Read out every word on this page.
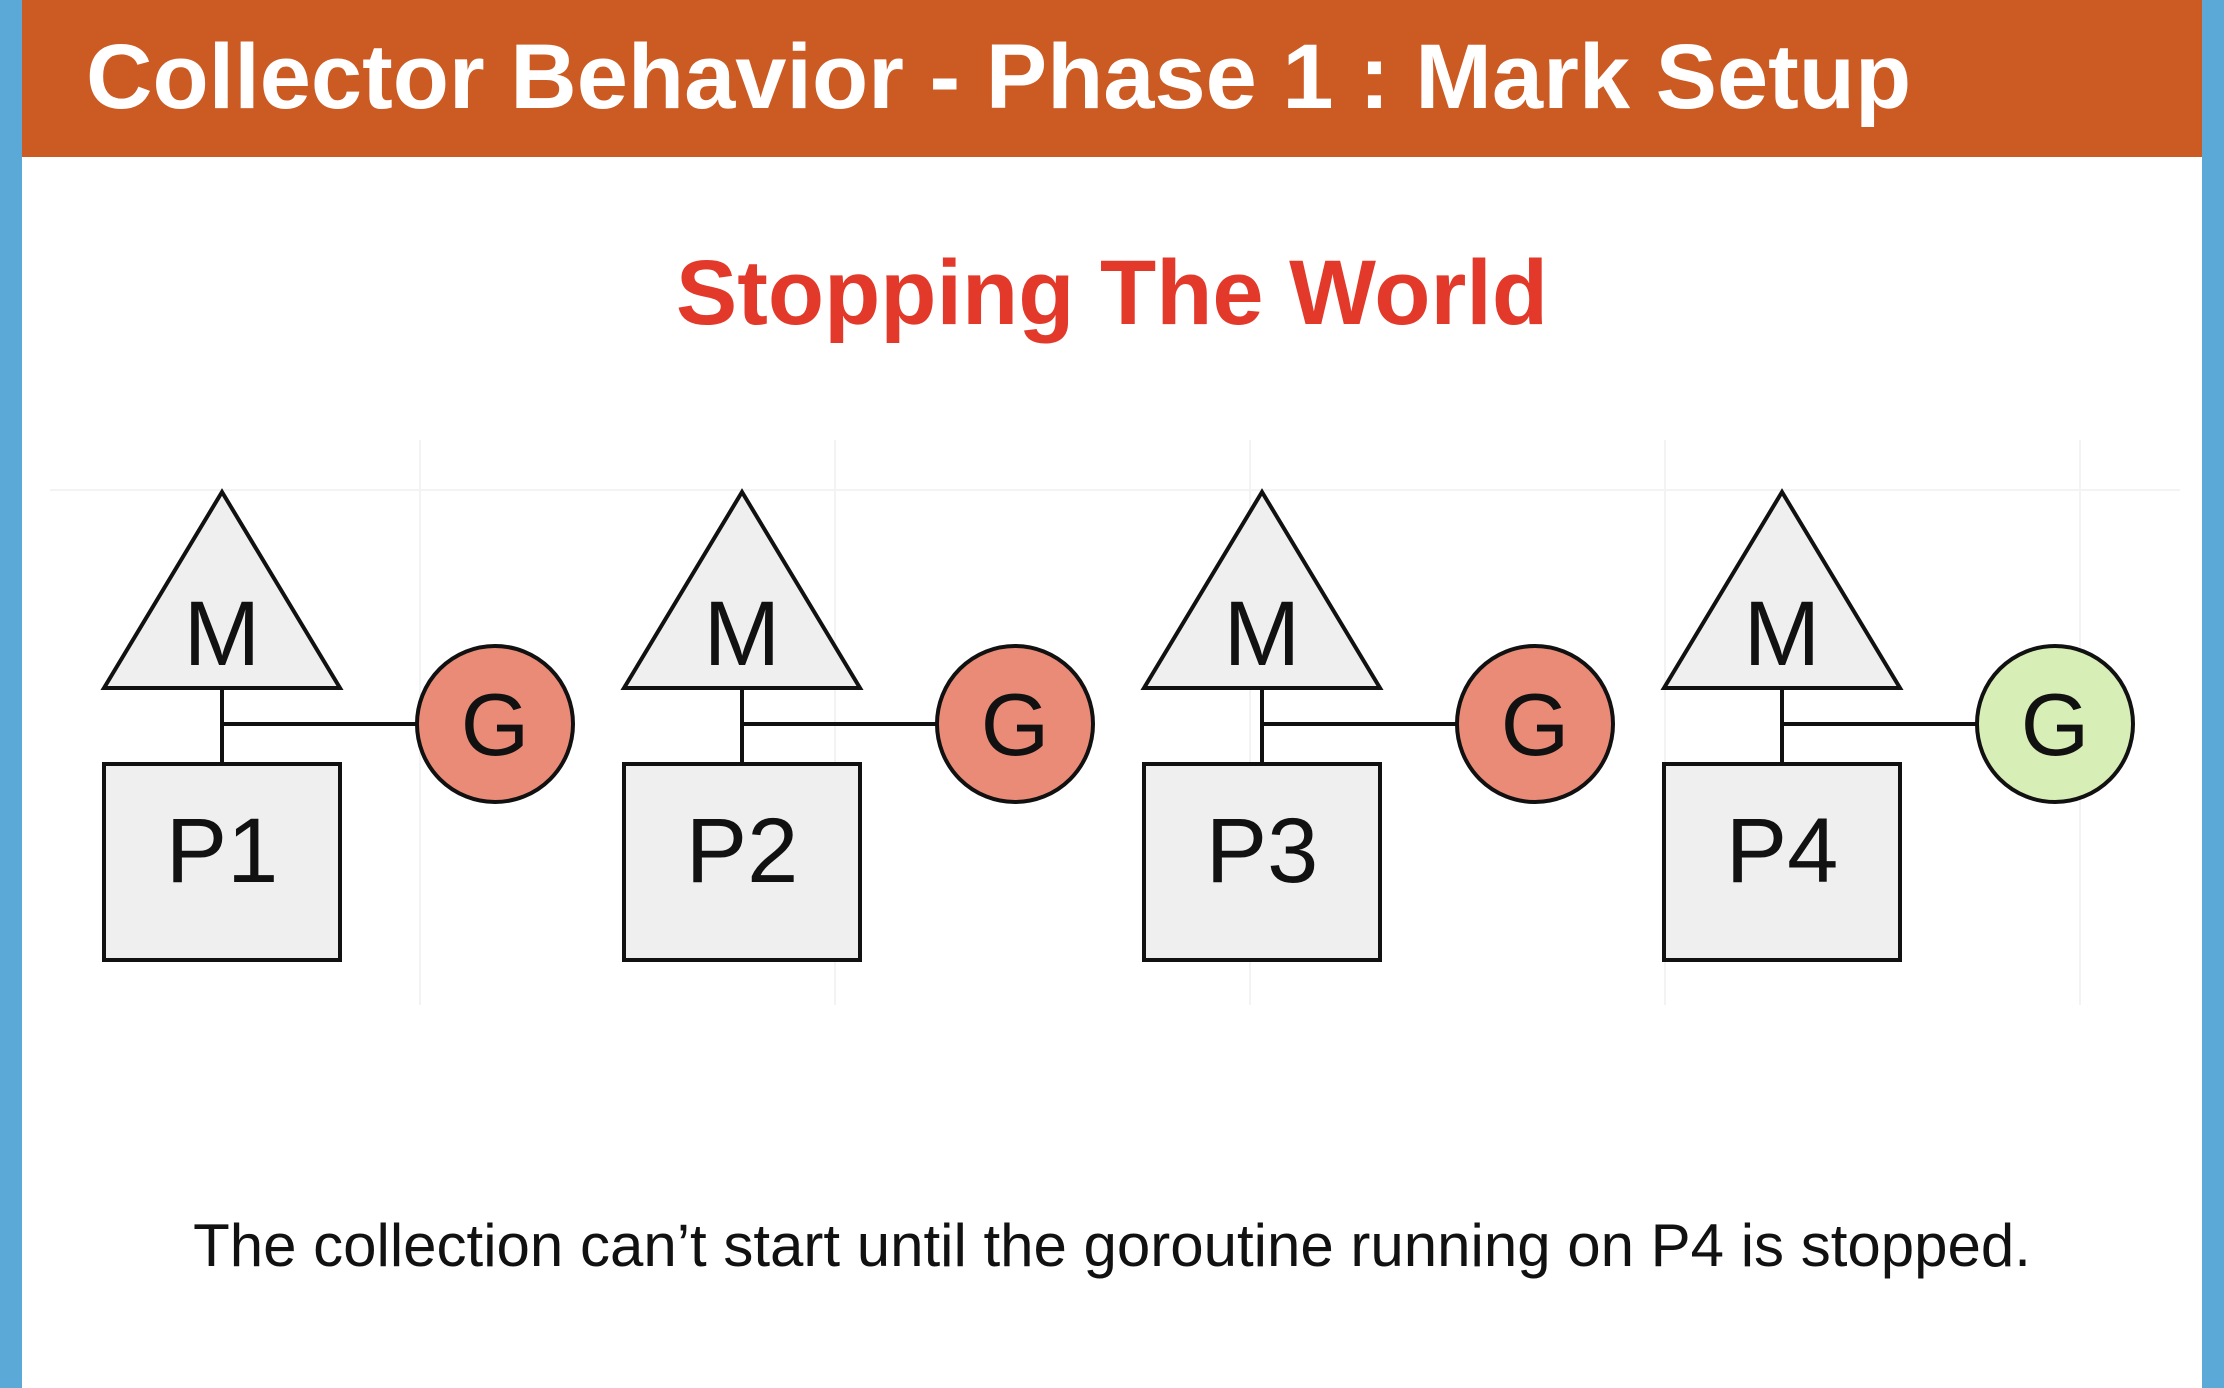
Collector Behavior - Phase 1 : Mark Setup
Stopping The World
M
P1
G
M
P2
G
M
P3
G
M
P4
G
The collection can’t start until the goroutine running on P4 is stopped.
